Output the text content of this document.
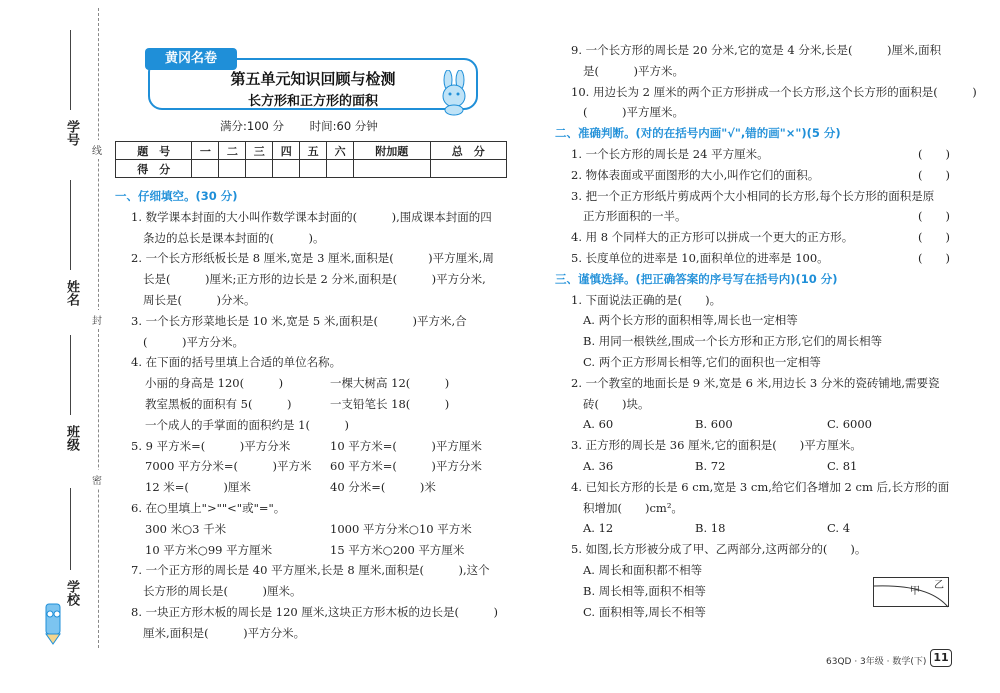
线
封
密
学号
姓名
班级
学校
第五单元知识回顾与检测
长方形和正方形的面积
黄冈名卷
满分:100 分 时间:60 分钟
题　号	一	二	三	四	五	六	附加题	总　分
得　分								
一、仔细填空。(30 分)
1. 数学课本封面的大小叫作数学课本封面的(　　　),围成课本封面的四
条边的总长是课本封面的(　　　)。
2. 一个长方形纸板长是 8 厘米,宽是 3 厘米,面积是(　　　)平方厘米,周
长是(　　　)厘米;正方形的边长是 2 分米,面积是(　　　)平方分米,
周长是(　　　)分米。
3. 一个长方形菜地长是 10 米,宽是 5 米,面积是(　　　)平方米,合
(　　　)平方分米。
4. 在下面的括号里填上合适的单位名称。
小丽的身高是 120(　　　)	一棵大树高 12(　　　)
教室黑板的面积有 5(　　　)	一支铅笔长 18(　　　)
一个成人的手掌面的面积约是 1(　　　)
5. 9 平方米=(　　　)平方分米	10 平方米=(　　　)平方厘米
7000 平方分米=(　　　)平方米 60 平方米=(　　　)平方分米
12 米=(　　　)厘米	40 分米=(　　　)米
6. 在○里填上">""<"或"="。
300 米○3 千米	1000 平方分米○10 平方米
10 平方米○99 平方厘米	15 平方米○200 平方厘米
7. 一个正方形的周长是 40 平方厘米,长是 8 厘米,面积是(　　　),这个
长方形的周长是(　　　)厘米。
8. 一块正方形木板的周长是 120 厘米,这块正方形木板的边长是(　　　)
厘米,面积是(　　　)平方分米。
9. 一个长方形的周长是 20 分米,它的宽是 4 分米,长是(　　　)厘米,面积
是(　　　)平方米。
10. 用边长为 2 厘米的两个正方形拼成一个长方形,这个长方形的面积是(　　　)
(　　　)平方厘米。
二、准确判断。(对的在括号内画"√",错的画"×")(5 分)
1. 一个长方形的周长是 24 平方厘米。	(　　)
2. 物体表面或平面图形的大小,叫作它们的面积。	(　　)
3. 把一个正方形纸片剪成两个大小相同的长方形,每个长方形的面积是原
正方形面积的一半。	(　　)
4. 用 8 个同样大的正方形可以拼成一个更大的正方形。	(　　)
5. 长度单位的进率是 10,面积单位的进率是 100。	(　　)
三、谨慎选择。(把正确答案的序号写在括号内)(10 分)
1. 下面说法正确的是(　　)。
A. 两个长方形的面积相等,周长也一定相等
B. 用同一根铁丝,围成一个长方形和正方形,它们的周长相等
C. 两个正方形周长相等,它们的面积也一定相等
2. 一个教室的地面长是 9 米,宽是 6 米,用边长 3 分米的瓷砖铺地,需要瓷
砖(　　)块。
A. 60	B. 600	C. 6000
3. 正方形的周长是 36 厘米,它的面积是(　　)平方厘米。
A. 36	B. 72	C. 81
4. 已知长方形的长是 6 cm,宽是 3 cm,给它们各增加 2 cm 后,长方形的面
积增加(　　)cm²。
A. 12	B. 18	C. 4
5. 如图,长方形被分成了甲、乙两部分,这两部分的(　　)。
A. 周长和面积都不相等
B. 周长相等,面积不相等
C. 面积相等,周长不相等
甲
乙
63QD · 3年级 · 数学(下) 11
